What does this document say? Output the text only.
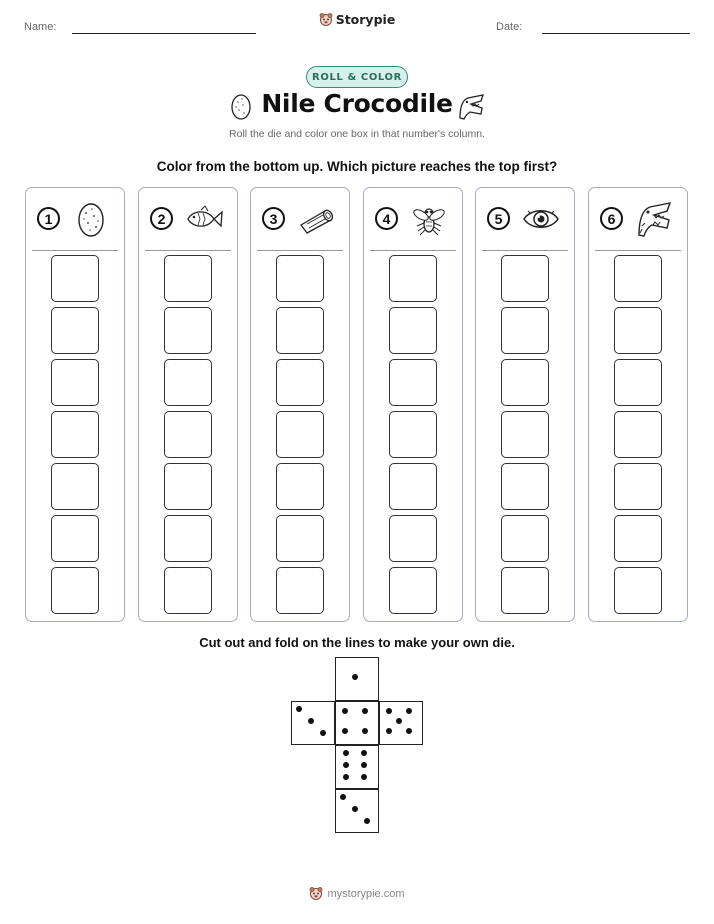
Name:	Storypie	Date:
ROLL & COLOR
Nile Crocodile
Roll the die and color one box in that number's column.
Color from the bottom up. Which picture reaches the top first?
1	2	3	4	5	6
Cut out and fold on the lines to make your own die.
mystorypie.com
